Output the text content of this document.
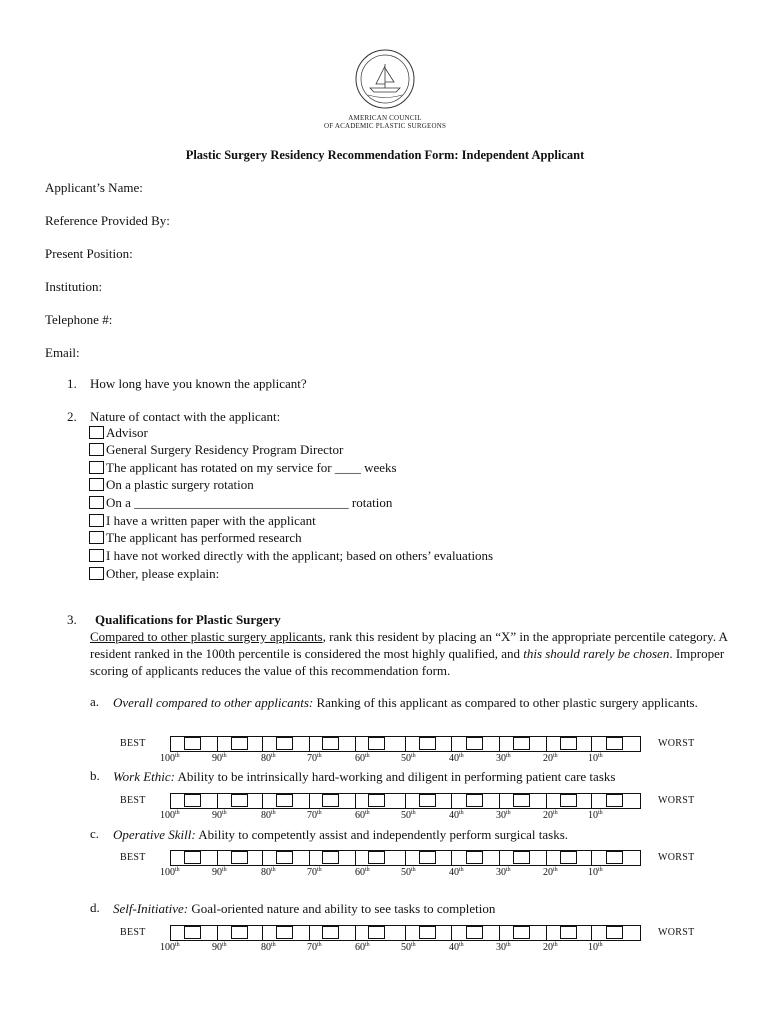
AMERICAN COUNCIL
OF ACADEMIC PLASTIC SURGEONS
Plastic Surgery Residency Recommendation Form: Independent Applicant
Applicant’s Name:
Reference Provided By:
Present Position:
Institution:
Telephone #:
Email:
1. How long have you known the applicant?
2. Nature of contact with the applicant:
Advisor
General Surgery Residency Program Director
The applicant has rotated on my service for ____ weeks
On a plastic surgery rotation
On a _________________________________ rotation
I have a written paper with the applicant
The applicant has performed research
I have not worked directly with the applicant; based on others’ evaluations
Other, please explain:
3. Qualifications for Plastic Surgery
Compared to other plastic surgery applicants, rank this resident by placing an “X” in the appropriate percentile category. A resident ranked in the 100th percentile is considered the most highly qualified, and this should rarely be chosen. Improper scoring of applicants reduces the value of this recommendation form.
a. Overall compared to other applicants: Ranking of this applicant as compared to other plastic surgery applicants.
BEST	WORST
100th	90th	80th	70th	60th	50th	40th	30th	20th	10th
b. Work Ethic: Ability to be intrinsically hard-working and diligent in performing patient care tasks
BEST	WORST
100th	90th	80th	70th	60th	50th	40th	30th	20th	10th
c. Operative Skill: Ability to competently assist and independently perform surgical tasks.
BEST	WORST
100th	90th	80th	70th	60th	50th	40th	30th	20th	10th
d. Self-Initiative: Goal-oriented nature and ability to see tasks to completion
BEST	WORST
100th	90th	80th	70th	60th	50th	40th	30th	20th	10th
